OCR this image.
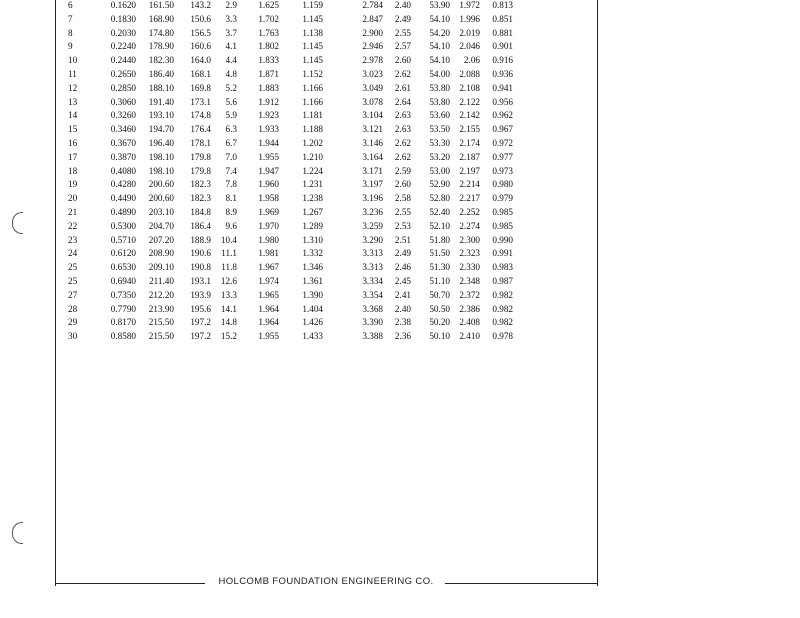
6	0.1620	161.50	143.2	2.9	1.625	1.159	2.784	2.40	53.90	1.972	0.813
7	0.1830	168.90	150.6	3.3	1.702	1.145	2.847	2.49	54.10	1.996	0.851
8	0.2030	174.80	156.5	3.7	1.763	1.138	2.900	2.55	54.20	2.019	0.881
9	0.2240	178.90	160.6	4.1	1.802	1.145	2.946	2.57	54.10	2.046	0.901
10	0.2440	182.30	164.0	4.4	1.833	1.145	2.978	2.60	54.10	2.06	0.916
11	0.2650	186.40	168.1	4.8	1.871	1.152	3.023	2.62	54.00	2.088	0.936
12	0.2850	188.10	169.8	5.2	1.883	1.166	3.049	2.61	53.80	2.108	0.941
13	0.3060	191.40	173.1	5.6	1.912	1.166	3.078	2.64	53.80	2.122	0.956
14	0.3260	193.10	174.8	5.9	1.923	1.181	3.104	2.63	53.60	2.142	0.962
15	0.3460	194.70	176.4	6.3	1.933	1.188	3.121	2.63	53.50	2.155	0.967
16	0.3670	196.40	178.1	6.7	1.944	1.202	3.146	2.62	53.30	2.174	0.972
17	0.3870	198.10	179.8	7.0	1.955	1.210	3.164	2.62	53.20	2.187	0.977
18	0.4080	198.10	179.8	7.4	1.947	1.224	3.171	2.59	53.00	2.197	0.973
19	0.4280	200.60	182.3	7.8	1.960	1.231	3.197	2.60	52.90	2.214	0.980
20	0.4490	200.60	182.3	8.1	1.958	1.238	3.196	2.58	52.80	2.217	0.979
21	0.4890	203.10	184.8	8.9	1.969	1.267	3.236	2.55	52.40	2.252	0.985
22	0.5300	204.70	186.4	9.6	1.970	1.289	3.259	2.53	52.10	2.274	0.985
23	0.5710	207.20	188.9	10.4	1.980	1.310	3.290	2.51	51.80	2.300	0.990
24	0.6120	208.90	190.6	11.1	1.981	1.332	3.313	2.49	51.50	2.323	0.991
25	0.6530	209.10	190.8	11.8	1.967	1.346	3.313	2.46	51.30	2.330	0.983
25	0.6940	211.40	193.1	12.6	1.974	1.361	3.334	2.45	51.10	2.348	0.987
27	0.7350	212.20	193.9	13.3	1.965	1.390	3.354	2.41	50.70	2.372	0.982
28	0.7790	213.90	195.6	14.1	1.964	1.404	3.368	2.40	50.50	2.386	0.982
29	0.8170	215.50	197.2	14.8	1.964	1.426	3.390	2.38	50.20	2.408	0.982
30	0.8580	215.50	197.2	15.2	1.955	1.433	3.388	2.36	50.10	2.410	0.978
HOLCOMB FOUNDATION ENGINEERING CO.
